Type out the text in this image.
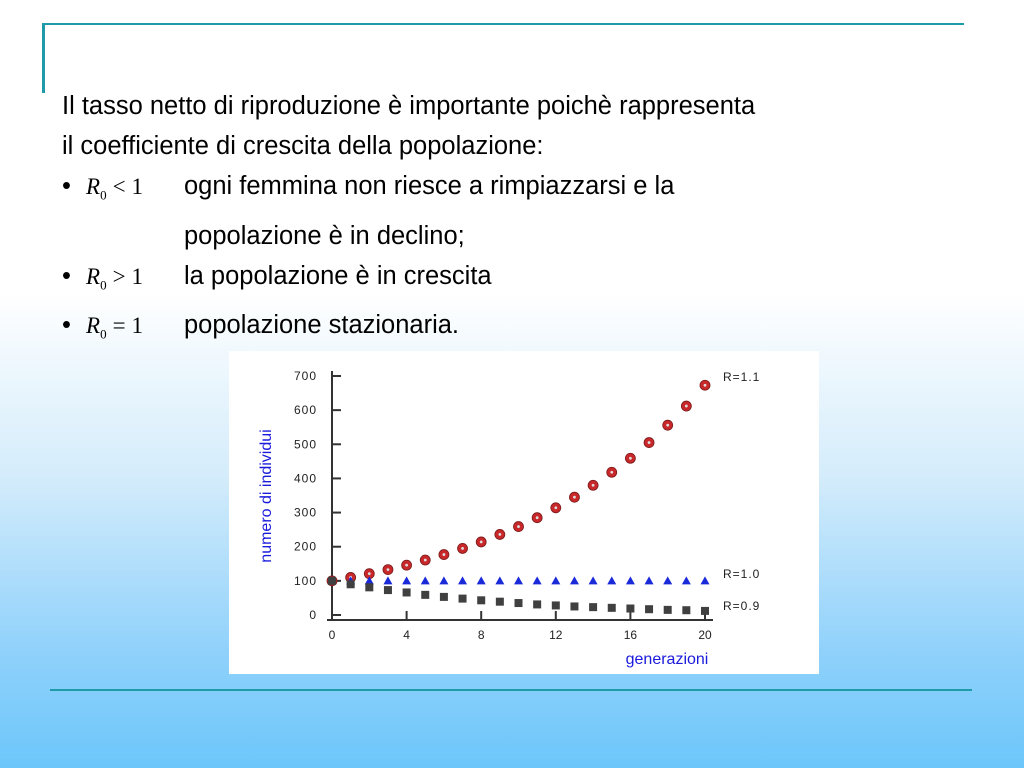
Il tasso netto di riproduzione è importante poichè rappresenta
il coefficiente di crescita della popolazione:
• $R_0 < 1$	ogni femmina non riesce a rimpiazzarsi e la
popolazione è in declino;
• $R_0 > 1$	la popolazione è in crescita
• $R_0 = 1$	popolazione stazionaria.
700
600
500
400
300
200
100
0
0	4	8	12	16	20
generazioni
numero di individui
R=1.1
R=1.0
R=0.9
